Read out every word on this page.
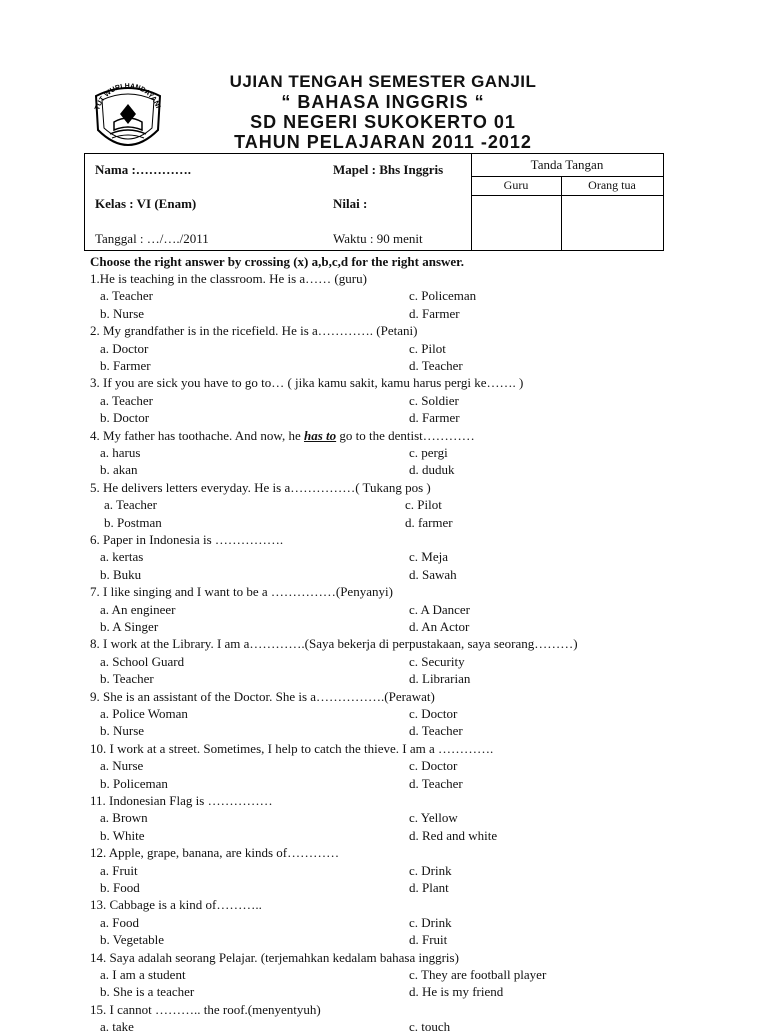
TUT WURI HANDAYANI
UJIAN TENGAH SEMESTER GANJIL
“ BAHASA INGGRIS “
SD NEGERI SUKOKERTO 01
TAHUN PELAJARAN 2011 -2012
Nama :………….	Mapel : Bhs Inggris	Tanda Tangan
Guru	Orang tua
Kelas : VI (Enam)	Nilai :
Tanggal : …/…./2011	Waktu : 90 menit
Choose the right answer by crossing (x) a,b,c,d for the right answer.
1.He is teaching in the classroom. He is a…… (guru)
a. Teacher
b. Nurse
c. Policeman
d. Farmer
2. My grandfather is in the ricefield. He is a…………. (Petani)
a. Doctor
b. Farmer
c. Pilot
d. Teacher
3. If you are sick you have to go to… ( jika kamu sakit, kamu harus pergi ke……. )
a. Teacher
b. Doctor
c. Soldier
d. Farmer
4. My father has toothache. And now, he has to go to the dentist…………
a. harus
b. akan
c. pergi
d. duduk
5. He delivers letters everyday. He is a……………( Tukang pos )
a. Teacher
b. Postman
c. Pilot
d. farmer
6. Paper in Indonesia is …………….
a. kertas
b. Buku
c. Meja
d. Sawah
7. I like singing and I want to be a ……………(Penyanyi)
a. An engineer
b. A Singer
c. A Dancer
d. An Actor
8. I work at the Library. I am a………….(Saya bekerja di perpustakaan, saya seorang………)
a. School Guard
b. Teacher
c. Security
d. Librarian
9. She is an assistant of the Doctor. She is a…………….(Perawat)
a. Police Woman
b. Nurse
c. Doctor
d. Teacher
10. I work at a street. Sometimes, I help to catch the thieve. I am a ………….
a. Nurse
b. Policeman
c. Doctor
d. Teacher
11. Indonesian Flag is ……………
a. Brown
b. White
c. Yellow
d. Red and white
12. Apple, grape, banana, are kinds of…………
a. Fruit
b. Food
c. Drink
d. Plant
13. Cabbage is a kind of………..
a. Food
b. Vegetable
c. Drink
d. Fruit
14. Saya adalah seorang Pelajar. (terjemahkan kedalam bahasa inggris)
a. I am a student
b. She is a teacher
c. They are football player
d. He is my friend
15. I cannot ……….. the roof.(menyentyuh)
a. take	c. touch
